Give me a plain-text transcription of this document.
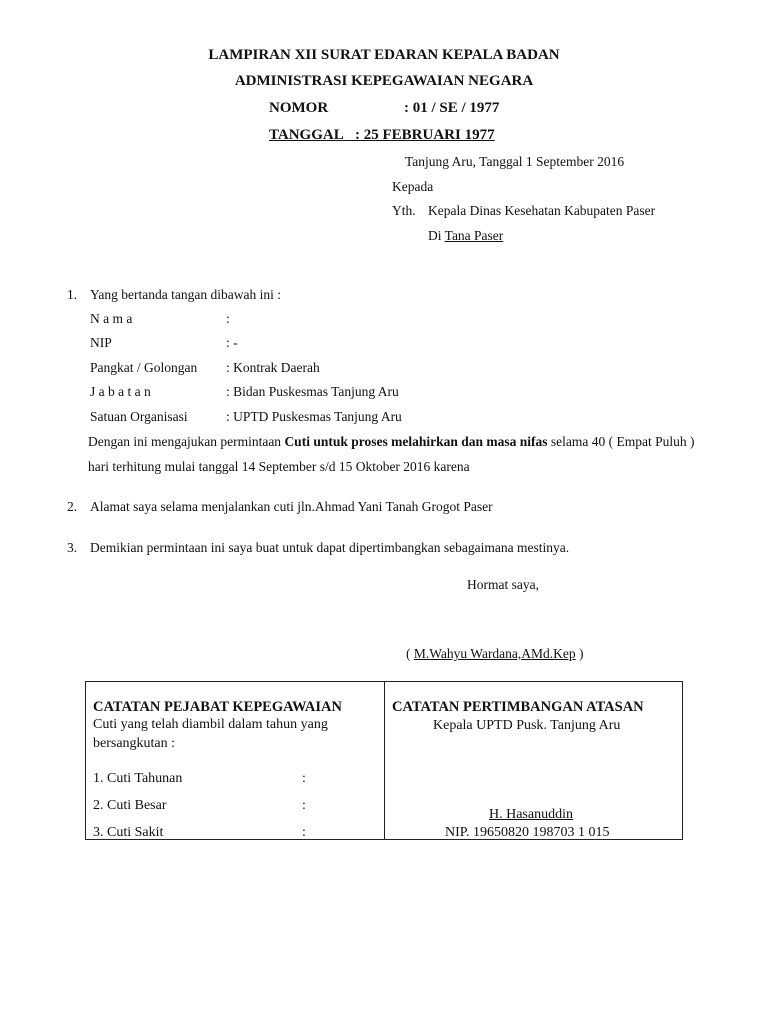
LAMPIRAN XII SURAT EDARAN KEPALA BADAN
ADMINISTRASI KEPEGAWAIAN NEGARA
NOMOR	: 01 / SE / 1977
TANGGAL : 25 FEBRUARI 1977
Tanjung Aru, Tanggal 1 September 2016
Kepada
Yth. Kepala Dinas Kesehatan Kabupaten Paser
Di Tana Paser
1. Yang bertanda tangan dibawah ini :
N a m a	:
NIP	: -
Pangkat / Golongan : Kontrak Daerah
J a b a t a n	: Bidan Puskesmas Tanjung Aru
Satuan Organisasi	: UPTD Puskesmas Tanjung Aru
Dengan ini mengajukan permintaan Cuti untuk proses melahirkan dan masa nifas selama 40 ( Empat Puluh )
hari terhitung mulai tanggal 14 September s/d 15 Oktober 2016 karena
2. Alamat saya selama menjalankan cuti jln.Ahmad Yani Tanah Grogot Paser
3. Demikian permintaan ini saya buat untuk dapat dipertimbangkan sebagaimana mestinya.
Hormat saya,
( M.Wahyu Wardana,AMd.Kep )
CATATAN PEJABAT KEPEGAWAIAN
Cuti yang telah diambil dalam tahun yang
bersangkutan :
1. Cuti Tahunan	:
2. Cuti Besar	:
3. Cuti Sakit	:
CATATAN PERTIMBANGAN ATASAN
Kepala UPTD Pusk. Tanjung Aru
H. Hasanuddin
NIP. 19650820 198703 1 015
